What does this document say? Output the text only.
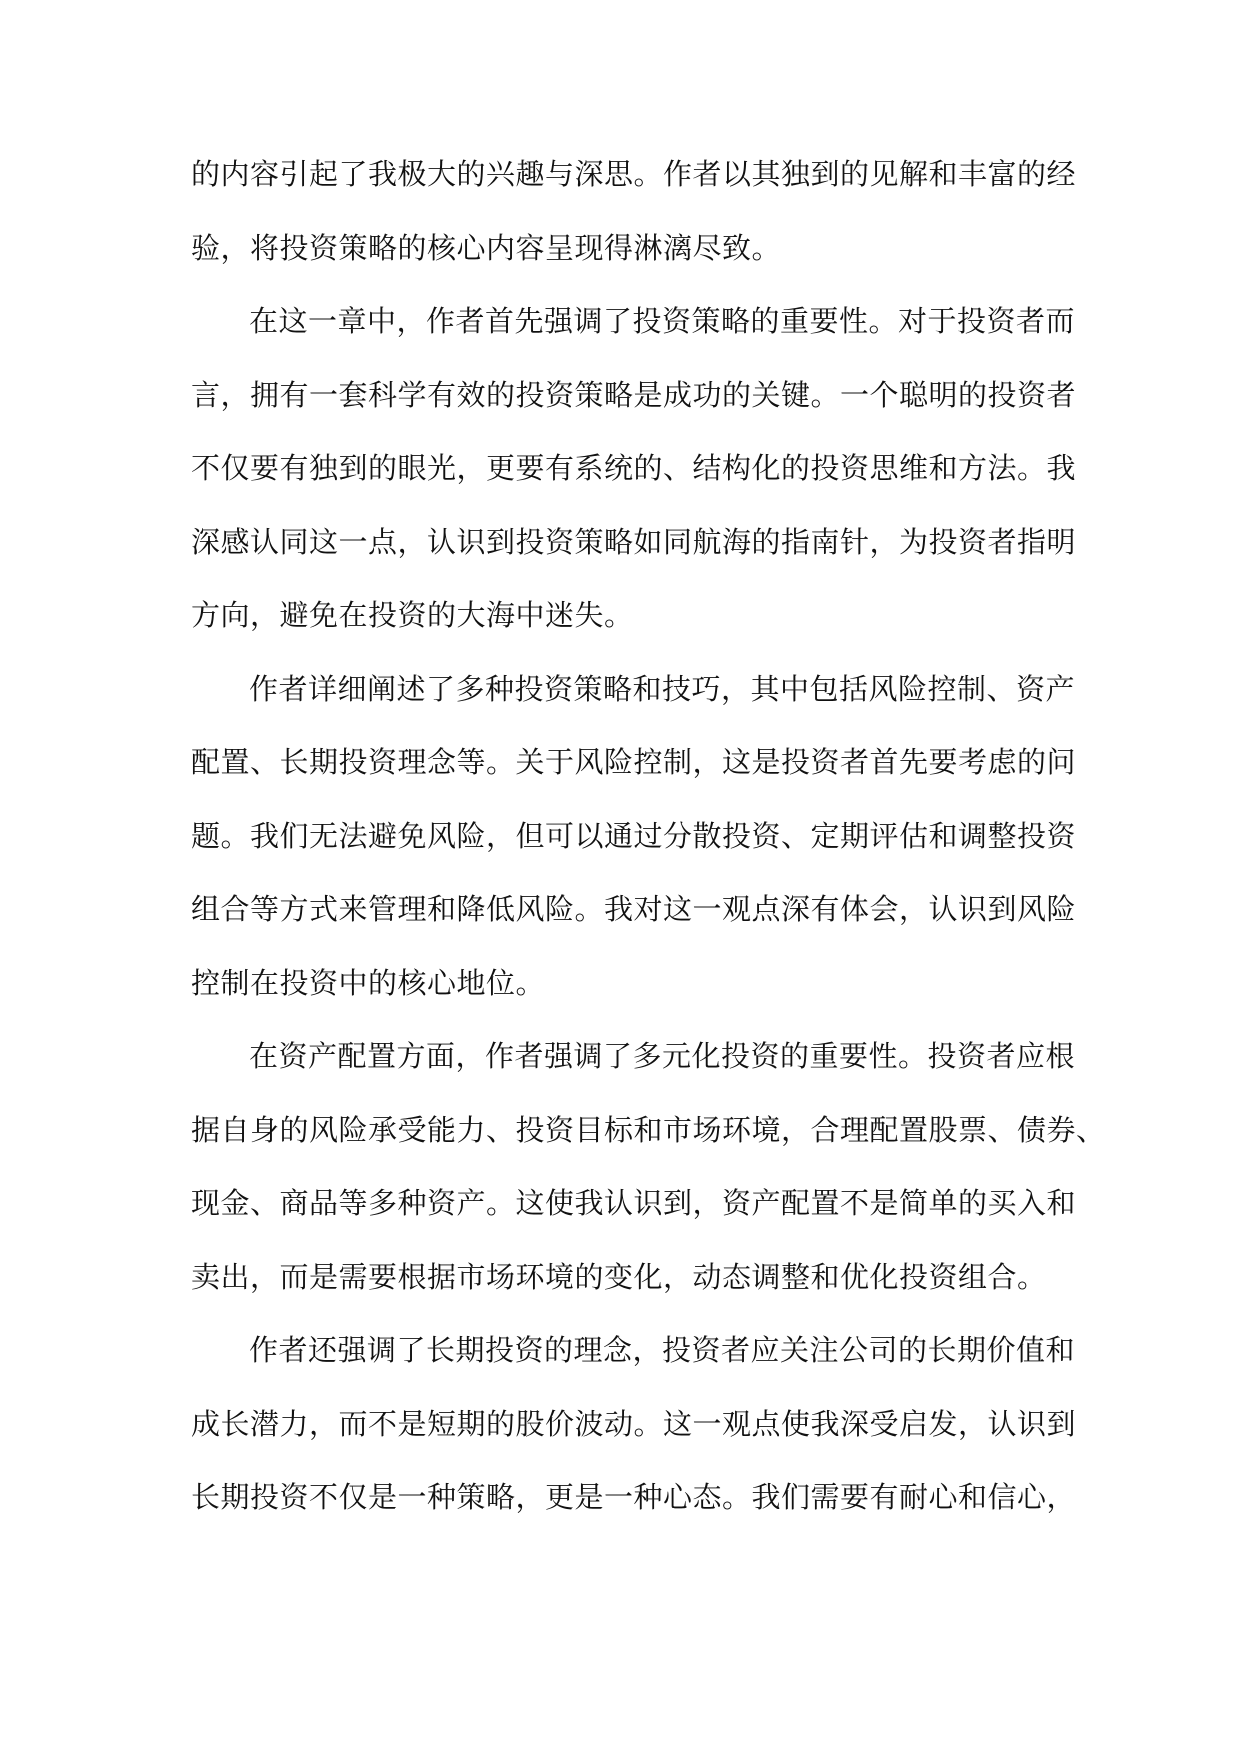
的内容引起了我极大的兴趣与深思。作者以其独到的见解和丰富的经
验，将投资策略的核心内容呈现得淋漓尽致。
在这一章中，作者首先强调了投资策略的重要性。对于投资者而
言，拥有一套科学有效的投资策略是成功的关键。一个聪明的投资者
不仅要有独到的眼光，更要有系统的、结构化的投资思维和方法。我
深感认同这一点，认识到投资策略如同航海的指南针，为投资者指明
方向，避免在投资的大海中迷失。
作者详细阐述了多种投资策略和技巧，其中包括风险控制、资产
配置、长期投资理念等。关于风险控制，这是投资者首先要考虑的问
题。我们无法避免风险，但可以通过分散投资、定期评估和调整投资
组合等方式来管理和降低风险。我对这一观点深有体会，认识到风险
控制在投资中的核心地位。
在资产配置方面，作者强调了多元化投资的重要性。投资者应根
据自身的风险承受能力、投资目标和市场环境，合理配置股票、债券、
现金、商品等多种资产。这使我认识到，资产配置不是简单的买入和
卖出，而是需要根据市场环境的变化，动态调整和优化投资组合。
作者还强调了长期投资的理念，投资者应关注公司的长期价值和
成长潜力，而不是短期的股价波动。这一观点使我深受启发，认识到
长期投资不仅是一种策略，更是一种心态。我们需要有耐心和信心，
